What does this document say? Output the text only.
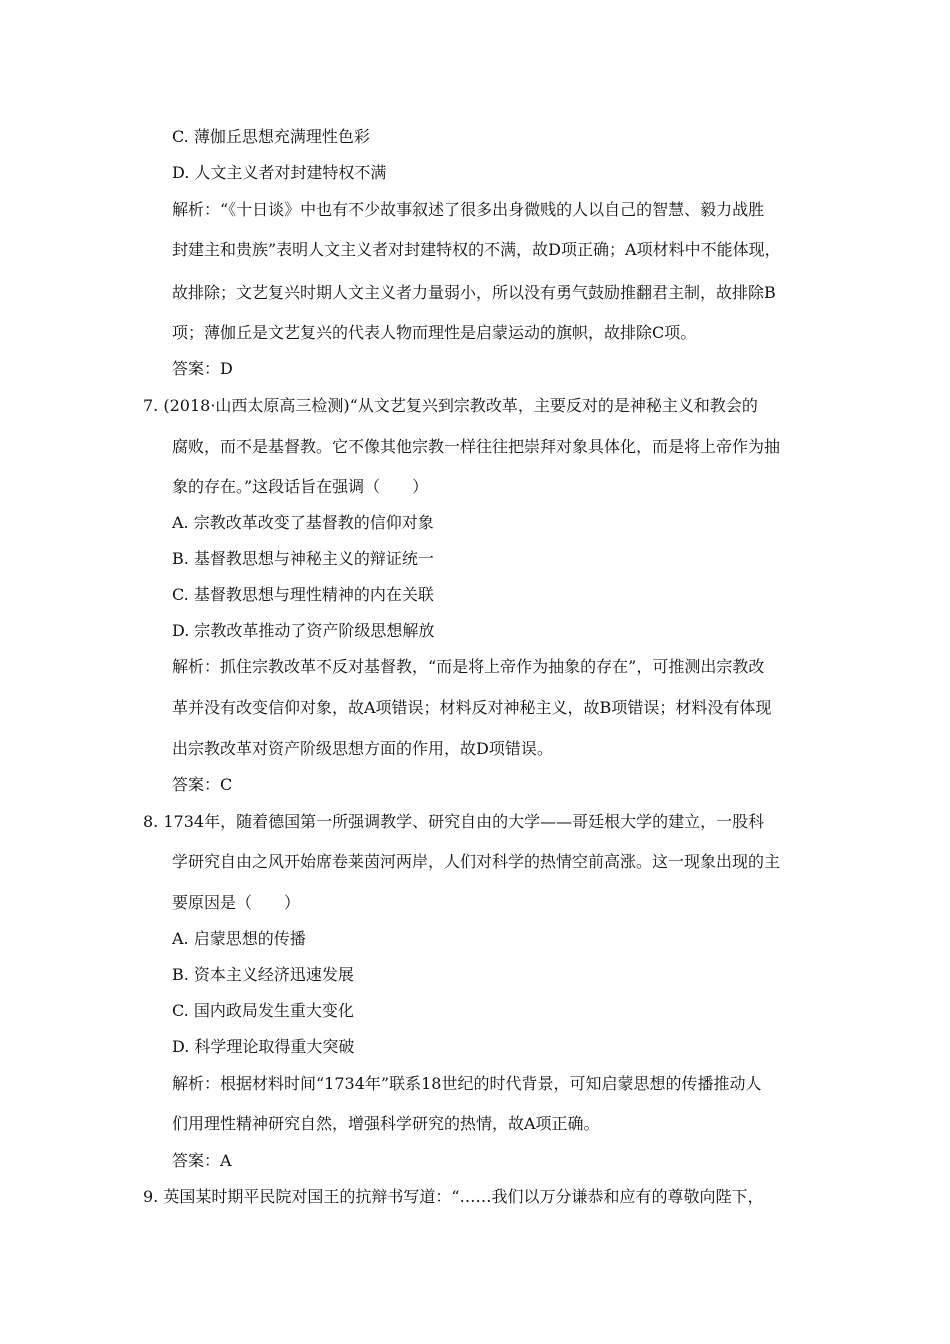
C. 薄伽丘思想充满理性色彩
D. 人文主义者对封建特权不满
解析：“《十日谈》中也有不少故事叙述了很多出身微贱的人以自己的智慧、毅力战胜
封建主和贵族”表明人文主义者对封建特权的不满，故D项正确；A项材料中不能体现，
故排除；文艺复兴时期人文主义者力量弱小，所以没有勇气鼓励推翻君主制，故排除B
项；薄伽丘是文艺复兴的代表人物而理性是启蒙运动的旗帜，故排除C项。
答案：D
7. (2018·山西太原高三检测)“从文艺复兴到宗教改革，主要反对的是神秘主义和教会的
腐败，而不是基督教。它不像其他宗教一样往往把崇拜对象具体化，而是将上帝作为抽
象的存在。”这段话旨在强调（　　）
A. 宗教改革改变了基督教的信仰对象
B. 基督教思想与神秘主义的辩证统一
C. 基督教思想与理性精神的内在关联
D. 宗教改革推动了资产阶级思想解放
解析：抓住宗教改革不反对基督教，“而是将上帝作为抽象的存在”，可推测出宗教改
革并没有改变信仰对象，故A项错误；材料反对神秘主义，故B项错误；材料没有体现
出宗教改革对资产阶级思想方面的作用，故D项错误。
答案：C
8. 1734年，随着德国第一所强调教学、研究自由的大学——哥廷根大学的建立，一股科
学研究自由之风开始席卷莱茵河两岸，人们对科学的热情空前高涨。这一现象出现的主
要原因是（　　）
A. 启蒙思想的传播
B. 资本主义经济迅速发展
C. 国内政局发生重大变化
D. 科学理论取得重大突破
解析：根据材料时间“1734年”联系18世纪的时代背景，可知启蒙思想的传播推动人
们用理性精神研究自然，增强科学研究的热情，故A项正确。
答案：A
9. 英国某时期平民院对国王的抗辩书写道：“……我们以万分谦恭和应有的尊敬向陛下，
